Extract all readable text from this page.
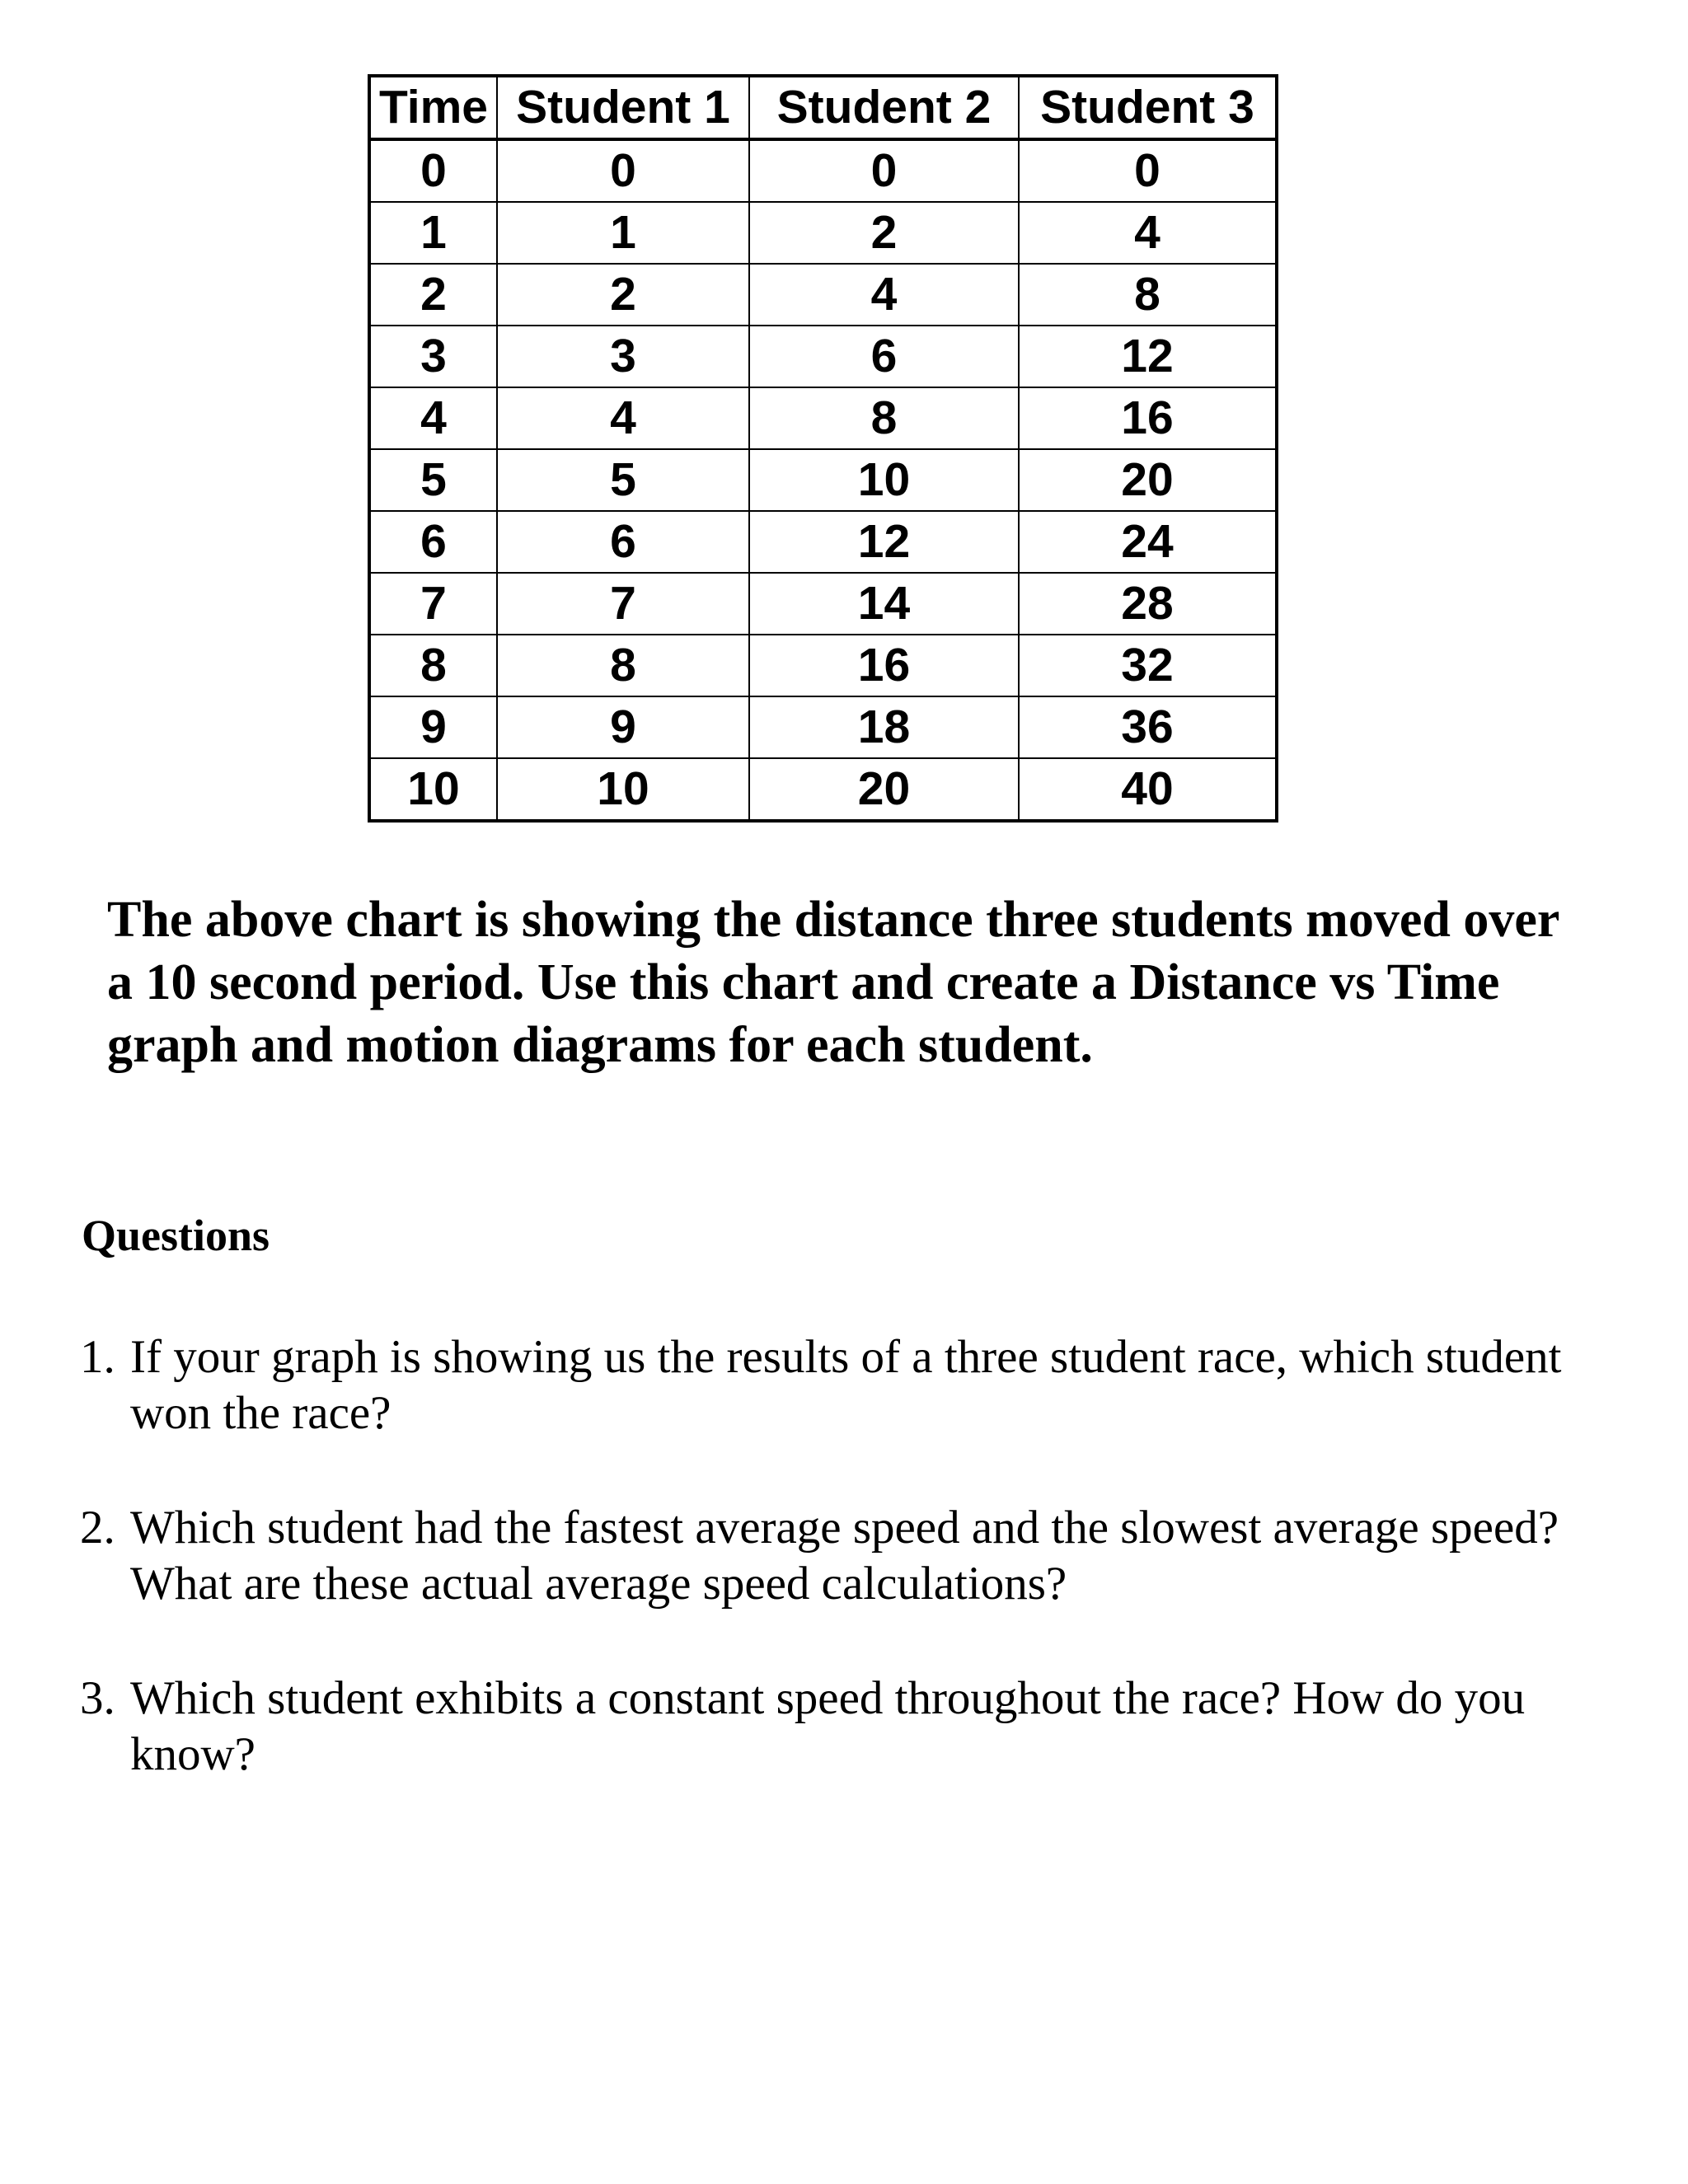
Time	Student 1	Student 2	Student 3
0	0	0	0
1	1	2	4
2	2	4	8
3	3	6	12
4	4	8	16
5	5	10	20
6	6	12	24
7	7	14	28
8	8	16	32
9	9	18	36
10	10	20	40

The above chart is showing the distance three students moved over a 10 second period. Use this chart and create a Distance vs Time graph and motion diagrams for each student.

Questions

1. If your graph is showing us the results of a three student race, which student won the race?

2. Which student had the fastest average speed and the slowest average speed? What are these actual average speed calculations?

3. Which student exhibits a constant speed throughout the race? How do you know?
